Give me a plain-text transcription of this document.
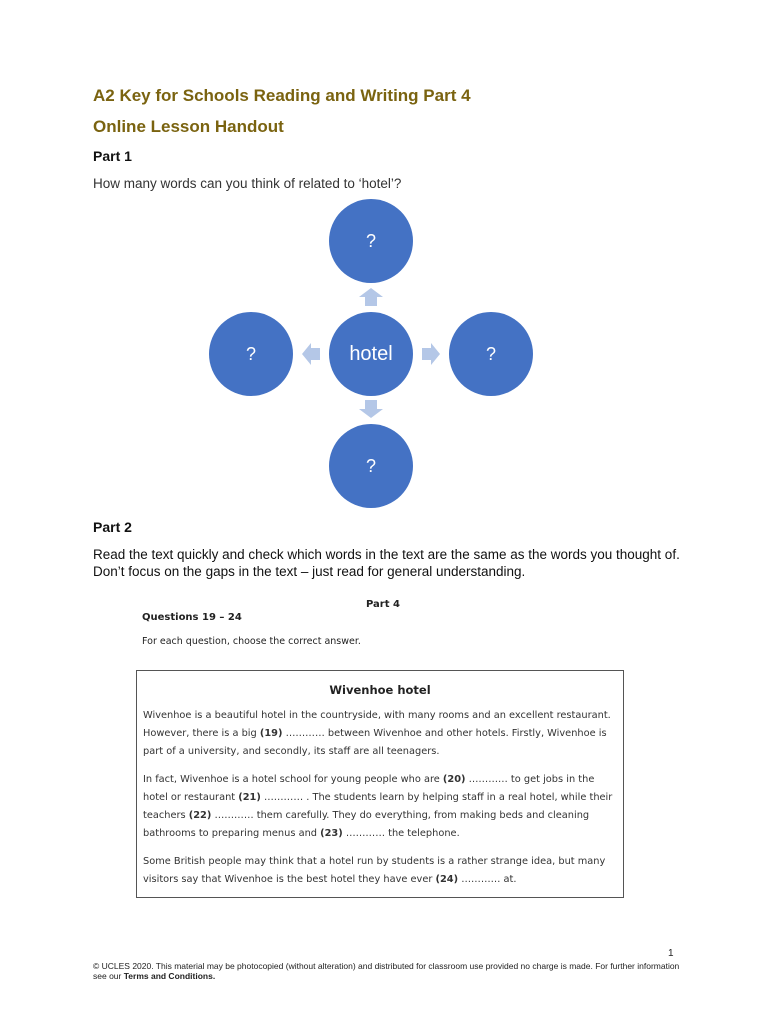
A2 Key for Schools Reading and Writing Part 4
Online Lesson Handout
Part 1

How many words can you think of related to ‘hotel’?

?
?	hotel	?
?
Part 2

Read the text quickly and check which words in the text are the same as the words you thought of. Don’t focus on the gaps in the text – just read for general understanding.

Part 4
Questions 19 – 24
For each question, choose the correct answer.

Wivenhoe hotel

Wivenhoe is a beautiful hotel in the countryside, with many rooms and an excellent restaurant. However, there is a big (19) ………… between Wivenhoe and other hotels. Firstly, Wivenhoe is part of a university, and secondly, its staff are all teenagers.

In fact, Wivenhoe is a hotel school for young people who are (20) ………… to get jobs in the hotel or restaurant (21) ………… . The students learn by helping staff in a real hotel, while their teachers (22) ………… them carefully. They do everything, from making beds and cleaning bathrooms to preparing menus and (23) ………… the telephone.

Some British people may think that a hotel run by students is a rather strange idea, but many visitors say that Wivenhoe is the best hotel they have ever (24) ………… at.

1

© UCLES 2020. This material may be photocopied (without alteration) and distributed for classroom use provided no charge is made. For further information see our Terms and Conditions.
